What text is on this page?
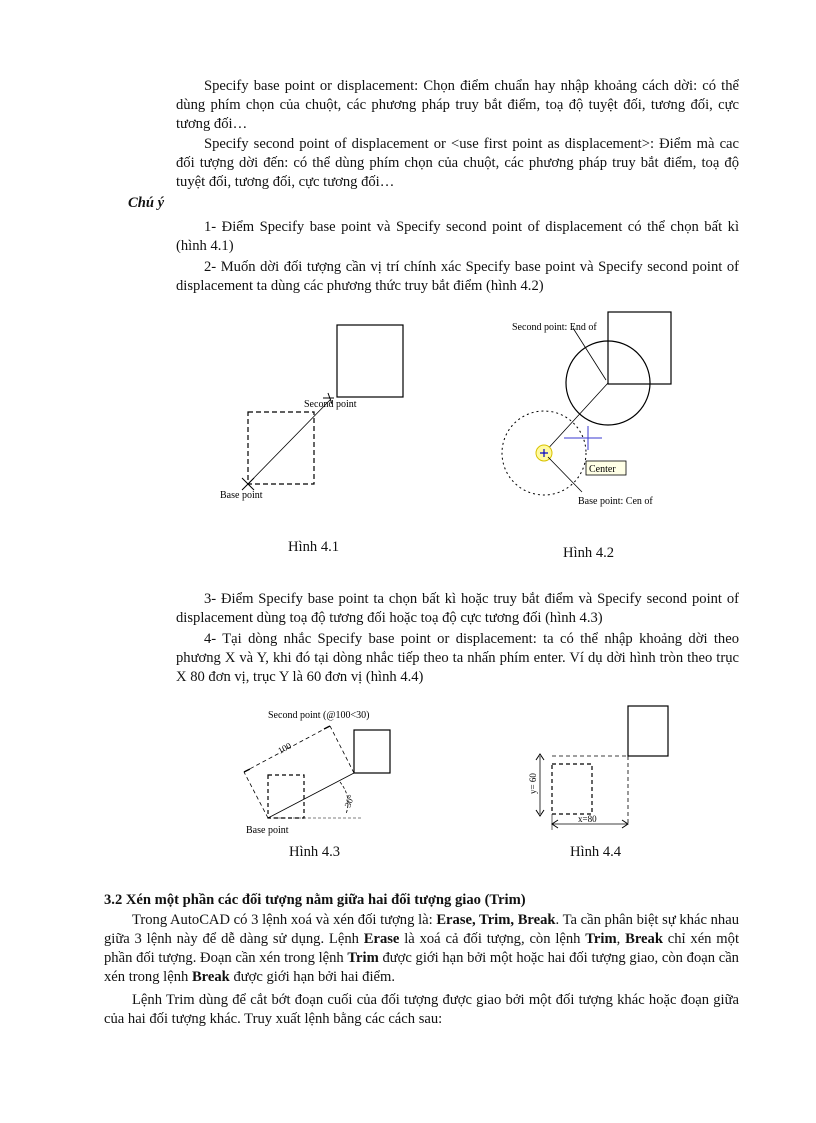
Specify base point or displacement: Chọn điểm chuẩn hay nhập khoảng cách dời: có thể dùng phím chọn của chuột, các phương pháp truy bắt điểm, toạ độ tuyệt đối, tương đối, cực tương đối…
Specify second point of displacement or <use first point as displacement>: Điểm mà cac đối tượng dời đến: có thể dùng phím chọn của chuột, các phương pháp truy bắt điểm, toạ độ tuyệt đối, tương đối, cực tương đối…
Chú ý
1- Điểm Specify base point và Specify second point of displacement có thể chọn bất kì (hình 4.1)
2- Muốn dời đối tượng cần vị trí chính xác Specify base point và Specify second point of displacement ta dùng các phương thức truy bắt điểm (hình 4.2)
Second point
Base point
Hình 4.1
Center
Second point: End of
Base point: Cen of
Hình 4.2
3- Điểm Specify base point ta chọn bất kì hoặc truy bắt điểm và Specify second point of displacement dùng toạ độ tương đối hoặc toạ độ cực tương đối (hình 4.3)
4- Tại dòng nhắc Specify base point or displacement: ta có thể nhập khoảng dời theo phương X và Y, khi đó tại dòng nhắc tiếp theo ta nhấn phím enter. Ví dụ dời hình tròn theo trục X 80 đơn vị, trục Y là 60 đơn vị (hình 4.4)
100
30°
Second point (@100<30)
Base point
Hình 4.3
y= 60
x=80
Hình 4.4
3.2 Xén một phần các đối tượng nằm giữa hai đối tượng giao (Trim)
Trong AutoCAD có 3 lệnh xoá và xén đối tượng là: Erase, Trim, Break. Ta cần phân biệt sự khác nhau giữa 3 lệnh này để dễ dàng sử dụng. Lệnh Erase là xoá cả đối tượng, còn lệnh Trim, Break chỉ xén một phần đối tượng. Đoạn cần xén trong lệnh Trim được giới hạn bởi một hoặc hai đối tượng giao, còn đoạn cần xén trong lệnh Break được giới hạn bởi hai điểm.
Lệnh Trim dùng để cắt bớt đoạn cuối của đối tượng được giao bởi một đối tượng khác hoặc đoạn giữa của hai đối tượng khác. Truy xuất lệnh bằng các cách sau:
